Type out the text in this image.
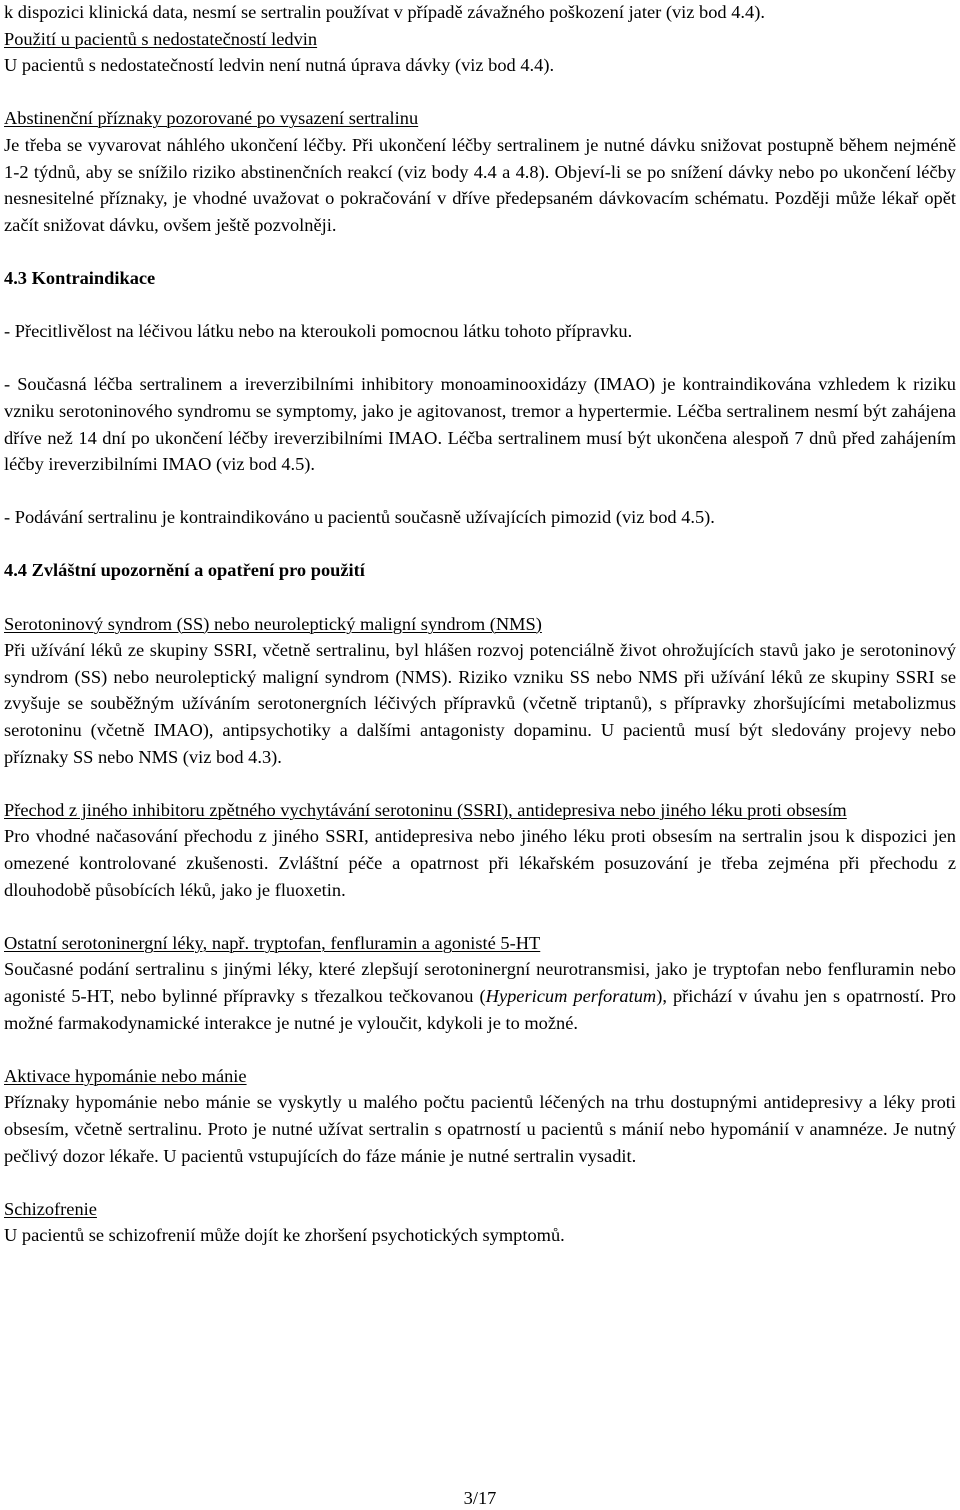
k dispozici klinická data, nesmí se sertralin používat v případě závažného poškození jater (viz bod 4.4).

Použití u pacientů s nedostatečností ledvin

U pacientů s nedostatečností ledvin není nutná úprava dávky (viz bod 4.4).

Abstinenční příznaky pozorované po vysazení sertralinu

Je třeba se vyvarovat náhlého ukončení léčby. Při ukončení léčby sertralinem je nutné dávku snižovat postupně během nejméně 1-2 týdnů, aby se snížilo riziko abstinenčních reakcí (viz body 4.4 a 4.8). Objeví-li se po snížení dávky nebo po ukončení léčby nesnesitelné příznaky, je vhodné uvažovat o pokračování v dříve předepsaném dávkovacím schématu. Později může lékař opět začít snižovat dávku, ovšem ještě pozvolněji.

4.3 Kontraindikace

- Přecitlivělost na léčivou látku nebo na kteroukoli pomocnou látku tohoto přípravku.

- Současná léčba sertralinem a ireverzibilními inhibitory monoaminooxidázy (IMAO) je kontraindikována vzhledem k riziku vzniku serotoninového syndromu se symptomy, jako je agitovanost, tremor a hypertermie. Léčba sertralinem nesmí být zahájena dříve než 14 dní po ukončení léčby ireverzibilními IMAO. Léčba sertralinem musí být ukončena alespoň 7 dnů před zahájením léčby ireverzibilními IMAO (viz bod 4.5).

- Podávání sertralinu je kontraindikováno u pacientů současně užívajících pimozid (viz bod 4.5).

4.4 Zvláštní upozornění a opatření pro použití

Serotoninový syndrom (SS) nebo neuroleptický maligní syndrom (NMS)

Při užívání léků ze skupiny SSRI, včetně sertralinu, byl hlášen rozvoj potenciálně život ohrožujících stavů jako je serotoninový syndrom (SS) nebo neuroleptický maligní syndrom (NMS). Riziko vzniku SS nebo NMS při užívání léků ze skupiny SSRI se zvyšuje se souběžným užíváním serotonergních léčivých přípravků (včetně triptanů), s přípravky zhoršujícími metabolizmus serotoninu (včetně IMAO), antipsychotiky a dalšími antagonisty dopaminu. U pacientů musí být sledovány projevy nebo příznaky SS nebo NMS (viz bod 4.3).

Přechod z jiného inhibitoru zpětného vychytávání serotoninu (SSRI), antidepresiva nebo jiného léku proti obsesím

Pro vhodné načasování přechodu z jiného SSRI, antidepresiva nebo jiného léku proti obsesím na sertralin jsou k dispozici jen omezené kontrolované zkušenosti. Zvláštní péče a opatrnost při lékařském posuzování je třeba zejména při přechodu z dlouhodobě působících léků, jako je fluoxetin.

Ostatní serotoninergní léky, např. tryptofan, fenfluramin a agonisté 5-HT

Současné podání sertralinu s jinými léky, které zlepšují serotoninergní neurotransmisi, jako je tryptofan nebo fenfluramin nebo agonisté 5-HT, nebo bylinné přípravky s třezalkou tečkovanou (Hypericum perforatum), přichází v úvahu jen s opatrností. Pro možné farmakodynamické interakce je nutné je vyloučit, kdykoli je to možné.

Aktivace hypománie nebo mánie

Příznaky hypománie nebo mánie se vyskytly u malého počtu pacientů léčených na trhu dostupnými antidepresivy a léky proti obsesím, včetně sertralinu. Proto je nutné užívat sertralin s opatrností u pacientů s mánií nebo hypománií v anamnéze. Je nutný pečlivý dozor lékaře. U pacientů vstupujících do fáze mánie je nutné sertralin vysadit.

Schizofrenie

U pacientů se schizofrenií může dojít ke zhoršení psychotických symptomů.

3/17
